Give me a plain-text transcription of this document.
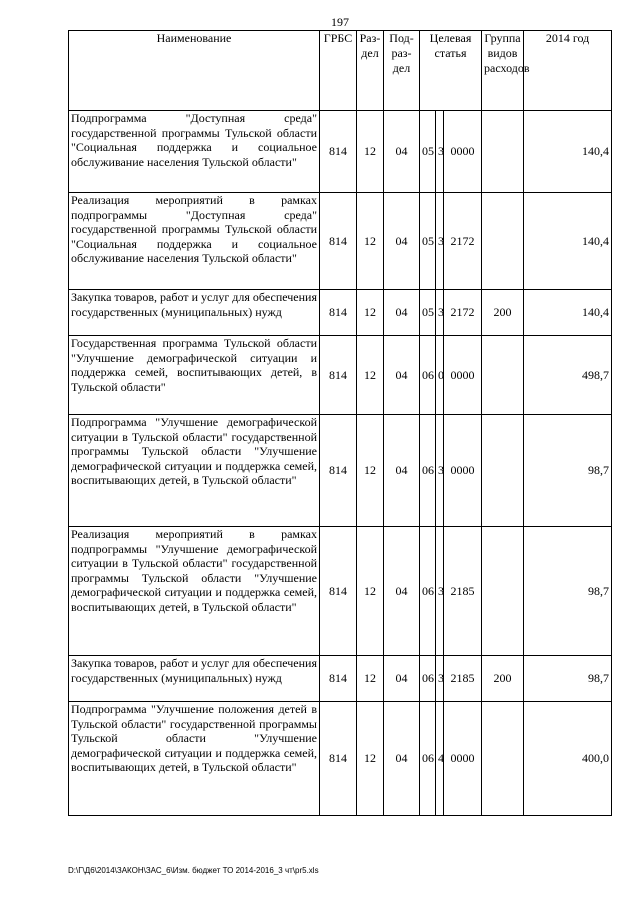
197
Наименование	ГРБС	Раз-дел	Под-раз-дел	Целевая статья			Группа видов расходов	2014 год
Подпрограмма "Доступная среда" государственной программы Тульской области "Социальная поддержка и социальное обслуживание населения Тульской области"	814	12	04	05	3	0000		140,4
Реализация мероприятий в рамках подпрограммы "Доступная среда" государственной программы Тульской области "Социальная поддержка и социальное обслуживание населения Тульской области"	814	12	04	05	3	2172		140,4
Закупка товаров, работ и услуг для обеспечения государственных (муниципальных) нужд	814	12	04	05	3	2172	200	140,4
Государственная программа Тульской области "Улучшение демографической ситуации и поддержка семей, воспитывающих детей, в Тульской области"	814	12	04	06	0	0000		498,7
Подпрограмма "Улучшение демографической ситуации в Тульской области" государственной программы Тульской области "Улучшение демографической ситуации и поддержка семей, воспитывающих детей, в Тульской области"	814	12	04	06	3	0000		98,7
Реализация мероприятий в рамках подпрограммы "Улучшение демографической ситуации в Тульской области" государственной программы Тульской области "Улучшение демографической ситуации и поддержка семей, воспитывающих детей, в Тульской области"	814	12	04	06	3	2185		98,7
Закупка товаров, работ и услуг для обеспечения государственных (муниципальных) нужд	814	12	04	06	3	2185	200	98,7
Подпрограмма "Улучшение положения детей в Тульской области" государственной программы Тульской области "Улучшение демографической ситуации и поддержка семей, воспитывающих детей, в Тульской области"	814	12	04	06	4	0000		400,0
D:\Г\Д6\2014\ЗАКОН\ЗАС_6\Изм. бюджет ТО 2014-2016_3 чт\pr5.xls
